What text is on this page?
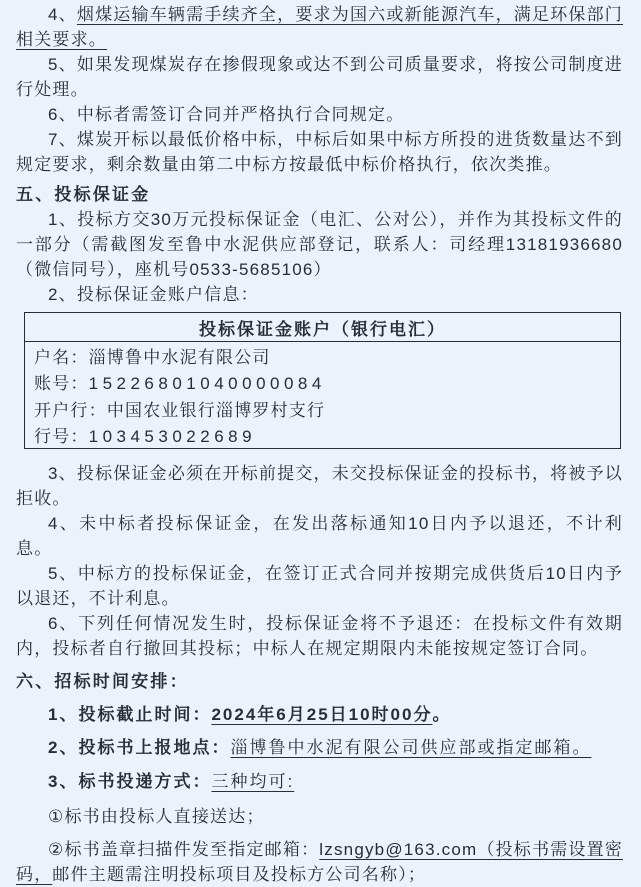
4、烟煤运输车辆需手续齐全，要求为国六或新能源汽车，满足环保部门相关要求。

5、如果发现煤炭存在掺假现象或达不到公司质量要求，将按公司制度进行处理。

6、中标者需签订合同并严格执行合同规定。

7、煤炭开标以最低价格中标，中标后如果中标方所投的进货数量达不到规定要求，剩余数量由第二中标方按最低中标价格执行，依次类推。

五、投标保证金

1、投标方交30万元投标保证金（电汇、公对公），并作为其投标文件的一部分（需截图发至鲁中水泥供应部登记，联系人：司经理13181936680（微信同号），座机号0533-5685106）

2、投标保证金账户信息：

投标保证金账户（银行电汇）
户名：淄博鲁中水泥有限公司
账号：15226801040000084
开户行：中国农业银行淄博罗村支行
行号：103453022689

3、投标保证金必须在开标前提交，未交投标保证金的投标书，将被予以拒收。

4、未中标者投标保证金，在发出落标通知10日内予以退还，不计利息。

5、中标方的投标保证金，在签订正式合同并按期完成供货后10日内予以退还，不计利息。

6、下列任何情况发生时，投标保证金将不予退还：在投标文件有效期内，投标者自行撤回其投标；中标人在规定期限内未能按规定签订合同。

六、招标时间安排：

1、投标截止时间：2024年6月25日10时00分。

2、投标书上报地点：淄博鲁中水泥有限公司供应部或指定邮箱。

3、标书投递方式：三种均可:

①标书由投标人直接送达；

②标书盖章扫描件发至指定邮箱：lzsngyb@163.com（投标书需设置密码，邮件主题需注明投标项目及投标方公司名称）；
